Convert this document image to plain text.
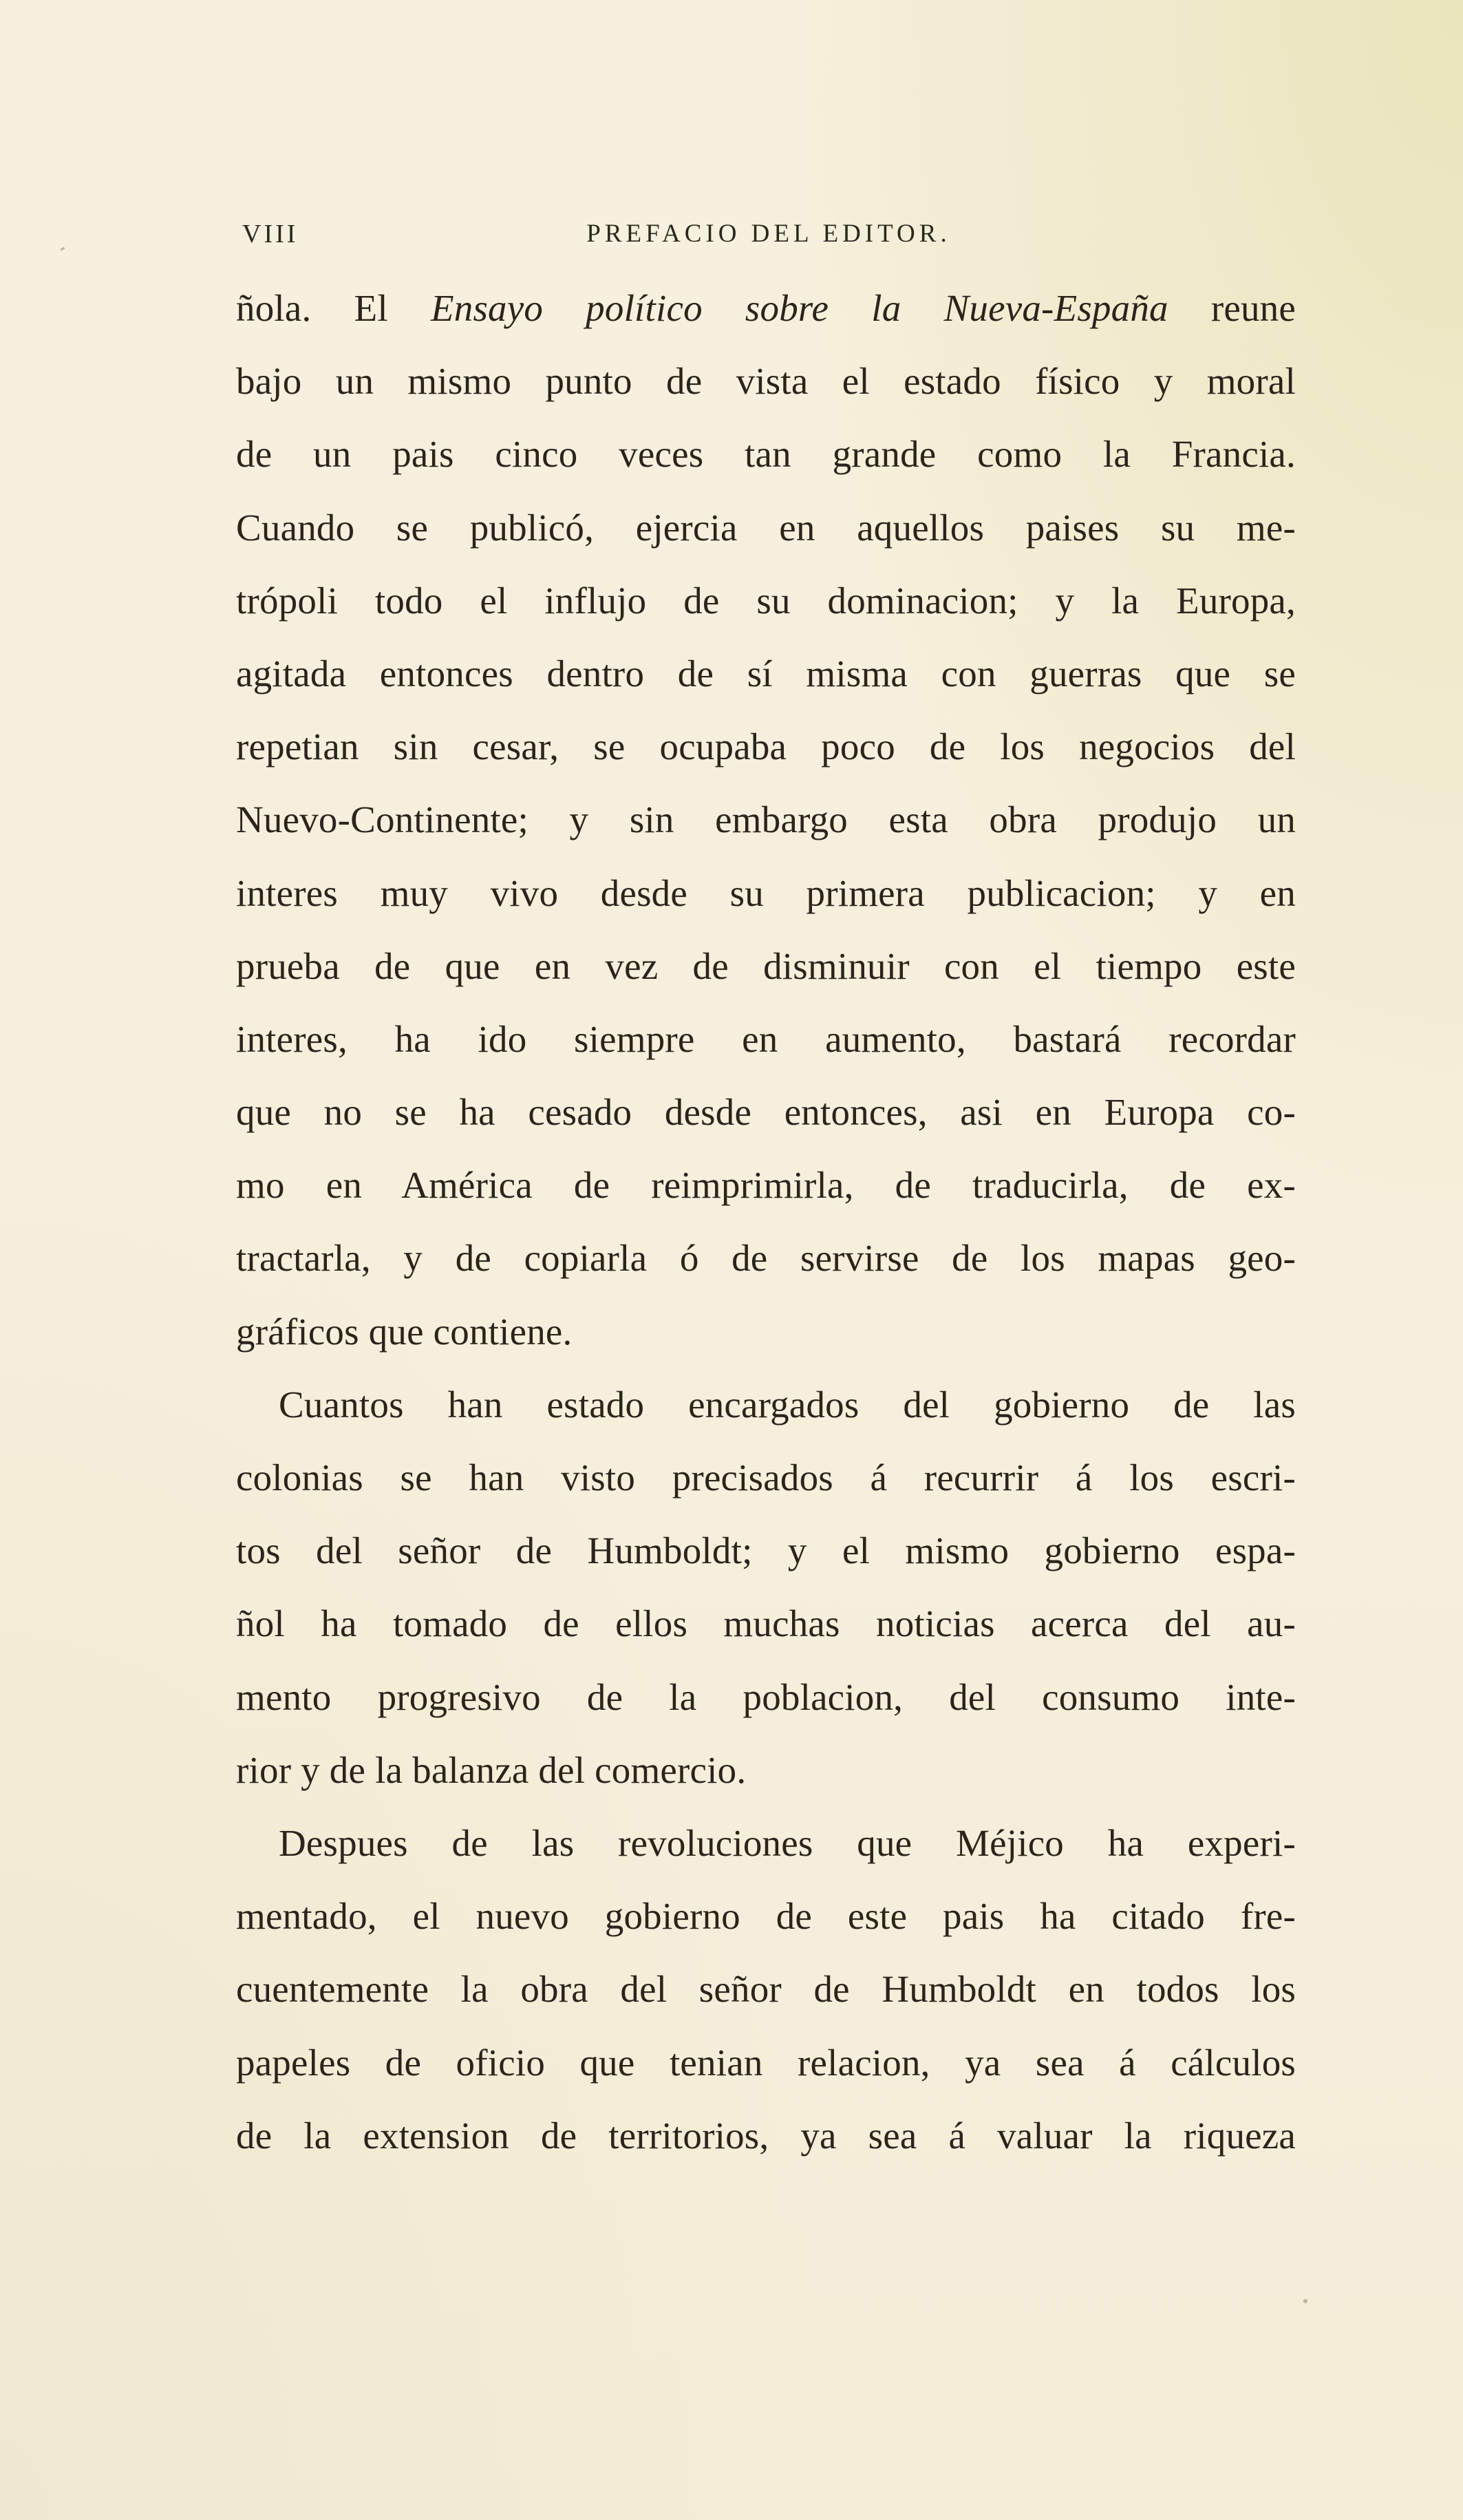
VIII	PREFACIO DEL EDITOR.
ñola. El Ensayo político sobre la Nueva-España reune
bajo un mismo punto de vista el estado físico y moral
de un pais cinco veces tan grande como la Francia.
Cuando se publicó, ejercia en aquellos paises su me-
trópoli todo el influjo de su dominacion; y la Europa,
agitada entonces dentro de sí misma con guerras que se
repetian sin cesar, se ocupaba poco de los negocios del
Nuevo-Continente; y sin embargo esta obra produjo un
interes muy vivo desde su primera publicacion; y en
prueba de que en vez de disminuir con el tiempo este
interes, ha ido siempre en aumento, bastará recordar
que no se ha cesado desde entonces, asi en Europa co-
mo en América de reimprimirla, de traducirla, de ex-
tractarla, y de copiarla ó de servirse de los mapas geo-
gráficos que contiene.
Cuantos han estado encargados del gobierno de las
colonias se han visto precisados á recurrir á los escri-
tos del señor de Humboldt; y el mismo gobierno espa-
ñol ha tomado de ellos muchas noticias acerca del au-
mento progresivo de la poblacion, del consumo inte-
rior y de la balanza del comercio.
Despues de las revoluciones que Méjico ha experi-
mentado, el nuevo gobierno de este pais ha citado fre-
cuentemente la obra del señor de Humboldt en todos los
papeles de oficio que tenian relacion, ya sea á cálculos
de la extension de territorios, ya sea á valuar la riqueza
